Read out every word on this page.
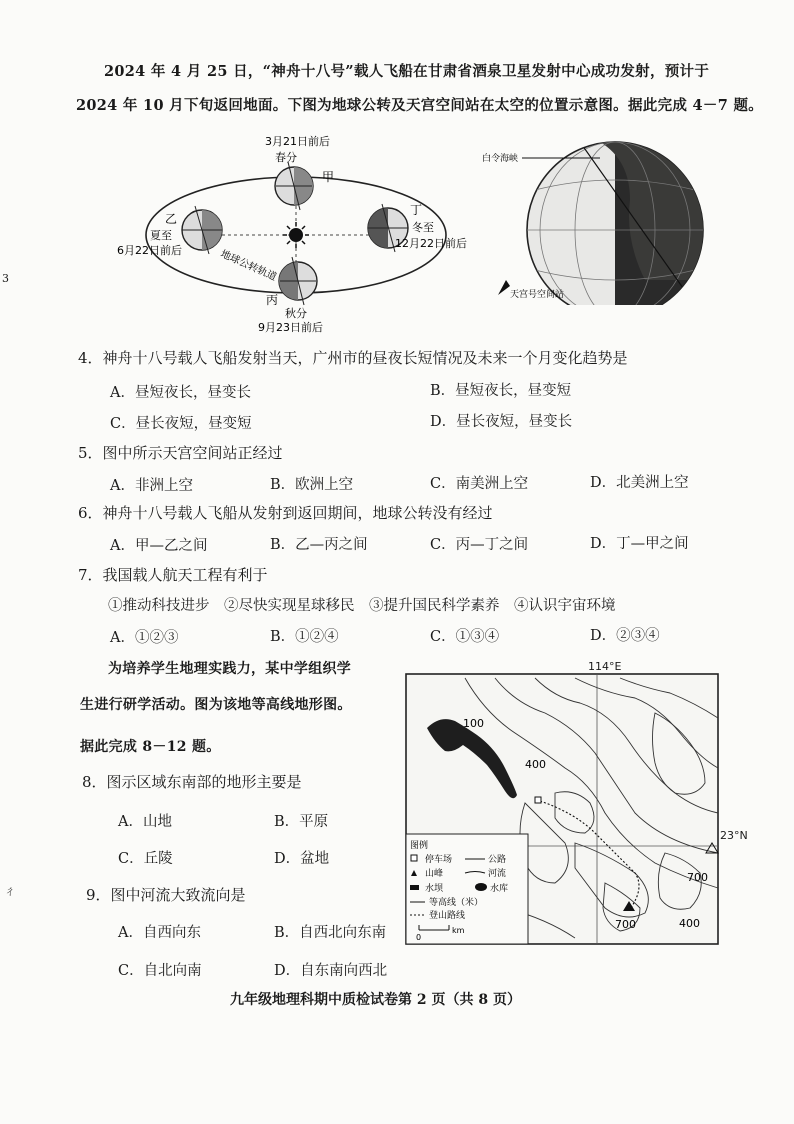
2024 年 4 月 25 日，“神舟十八号”载人飞船在甘肃省酒泉卫星发射中心成功发射，预计于
2024 年 10 月下旬返回地面。下图为地球公转及天宫空间站在太空的位置示意图。据此完成 4－7 题。
3
ㄔ
3月21日前后
春分
甲
乙
夏至
6月22日前后
丁
冬至
12月22日前后
丙
秋分
9月23日前后
地球公转轨道
白令海峡
天宫号空间站
4．神舟十八号载人飞船发射当天，广州市的昼夜长短情况及未来一个月变化趋势是
A．昼短夜长，昼变长	B．昼短夜长，昼变短
C．昼长夜短，昼变短	D．昼长夜短，昼变长
5．图中所示天宫空间站正经过
A．非洲上空	B．欧洲上空	C．南美洲上空	D．北美洲上空
6．神舟十八号载人飞船从发射到返回期间，地球公转没有经过
A．甲—乙之间	B．乙—丙之间	C．丙—丁之间	D．丁—甲之间
7．我国载人航天工程有利于
①推动科技进步　②尽快实现星球移民　③提升国民科学素养　④认识宇宙环境
A．①②③	B．①②④	C．①③④	D．②③④
为培养学生地理实践力，某中学组织学
生进行研学活动。图为该地等高线地形图。
据此完成 8－12 题。
8．图示区域东南部的地形主要是
A．山地	B．平原
C．丘陵	D．盆地
9．图中河流大致流向是
A．自西向东	B．自西北向东南
C．自北向南	D．自东南向西北
114°E
23°N
100
400
700
700	400
图例
停车场	公路
山峰	河流
水坝	水库
等高线（米）
登山路线
0
km
九年级地理科期中质检试卷第 2 页（共 8 页）
